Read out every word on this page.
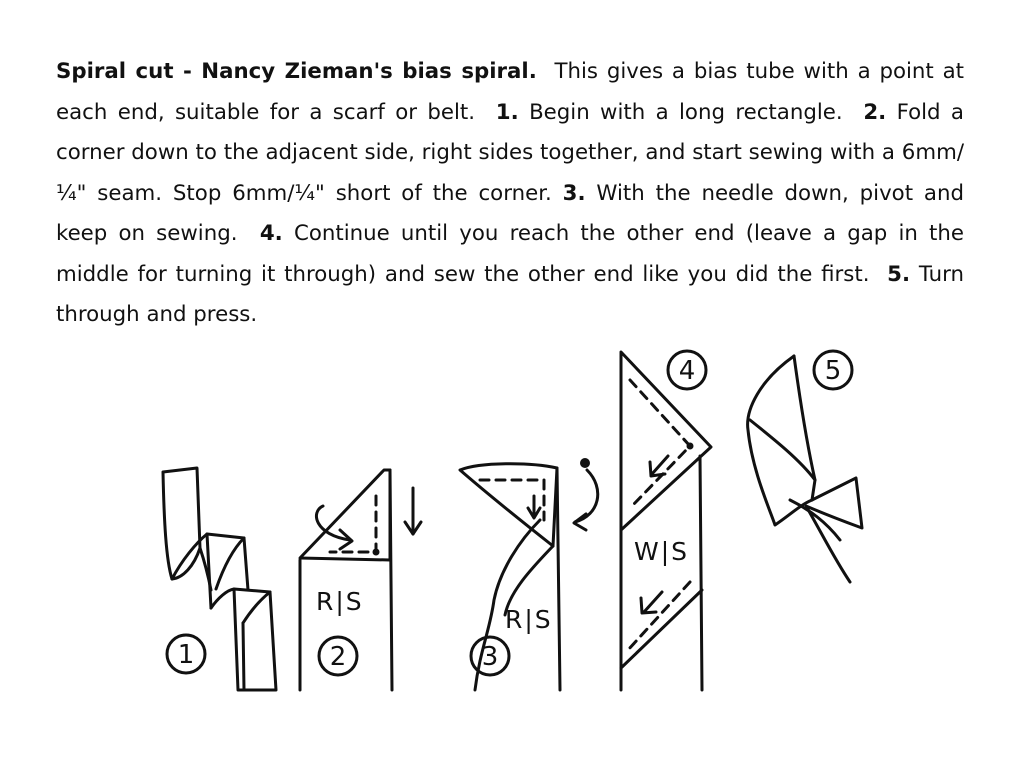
Spiral cut - Nancy Zieman's bias spiral. This gives a bias tube with a point at each end, suitable for a scarf or belt. 1. Begin with a long rectangle. 2. Fold a corner down to the adjacent side, right sides together, and start sewing with a 6mm/¼" seam. Stop 6mm/¼" short of the corner. 3. With the needle down, pivot and keep on sewing. 4. Continue until you reach the other end (leave a gap in the middle for turning it through) and sew the other end like you did the first. 5. Turn through and press.

1
R|S
2
R|S
3
W|S
4	5
